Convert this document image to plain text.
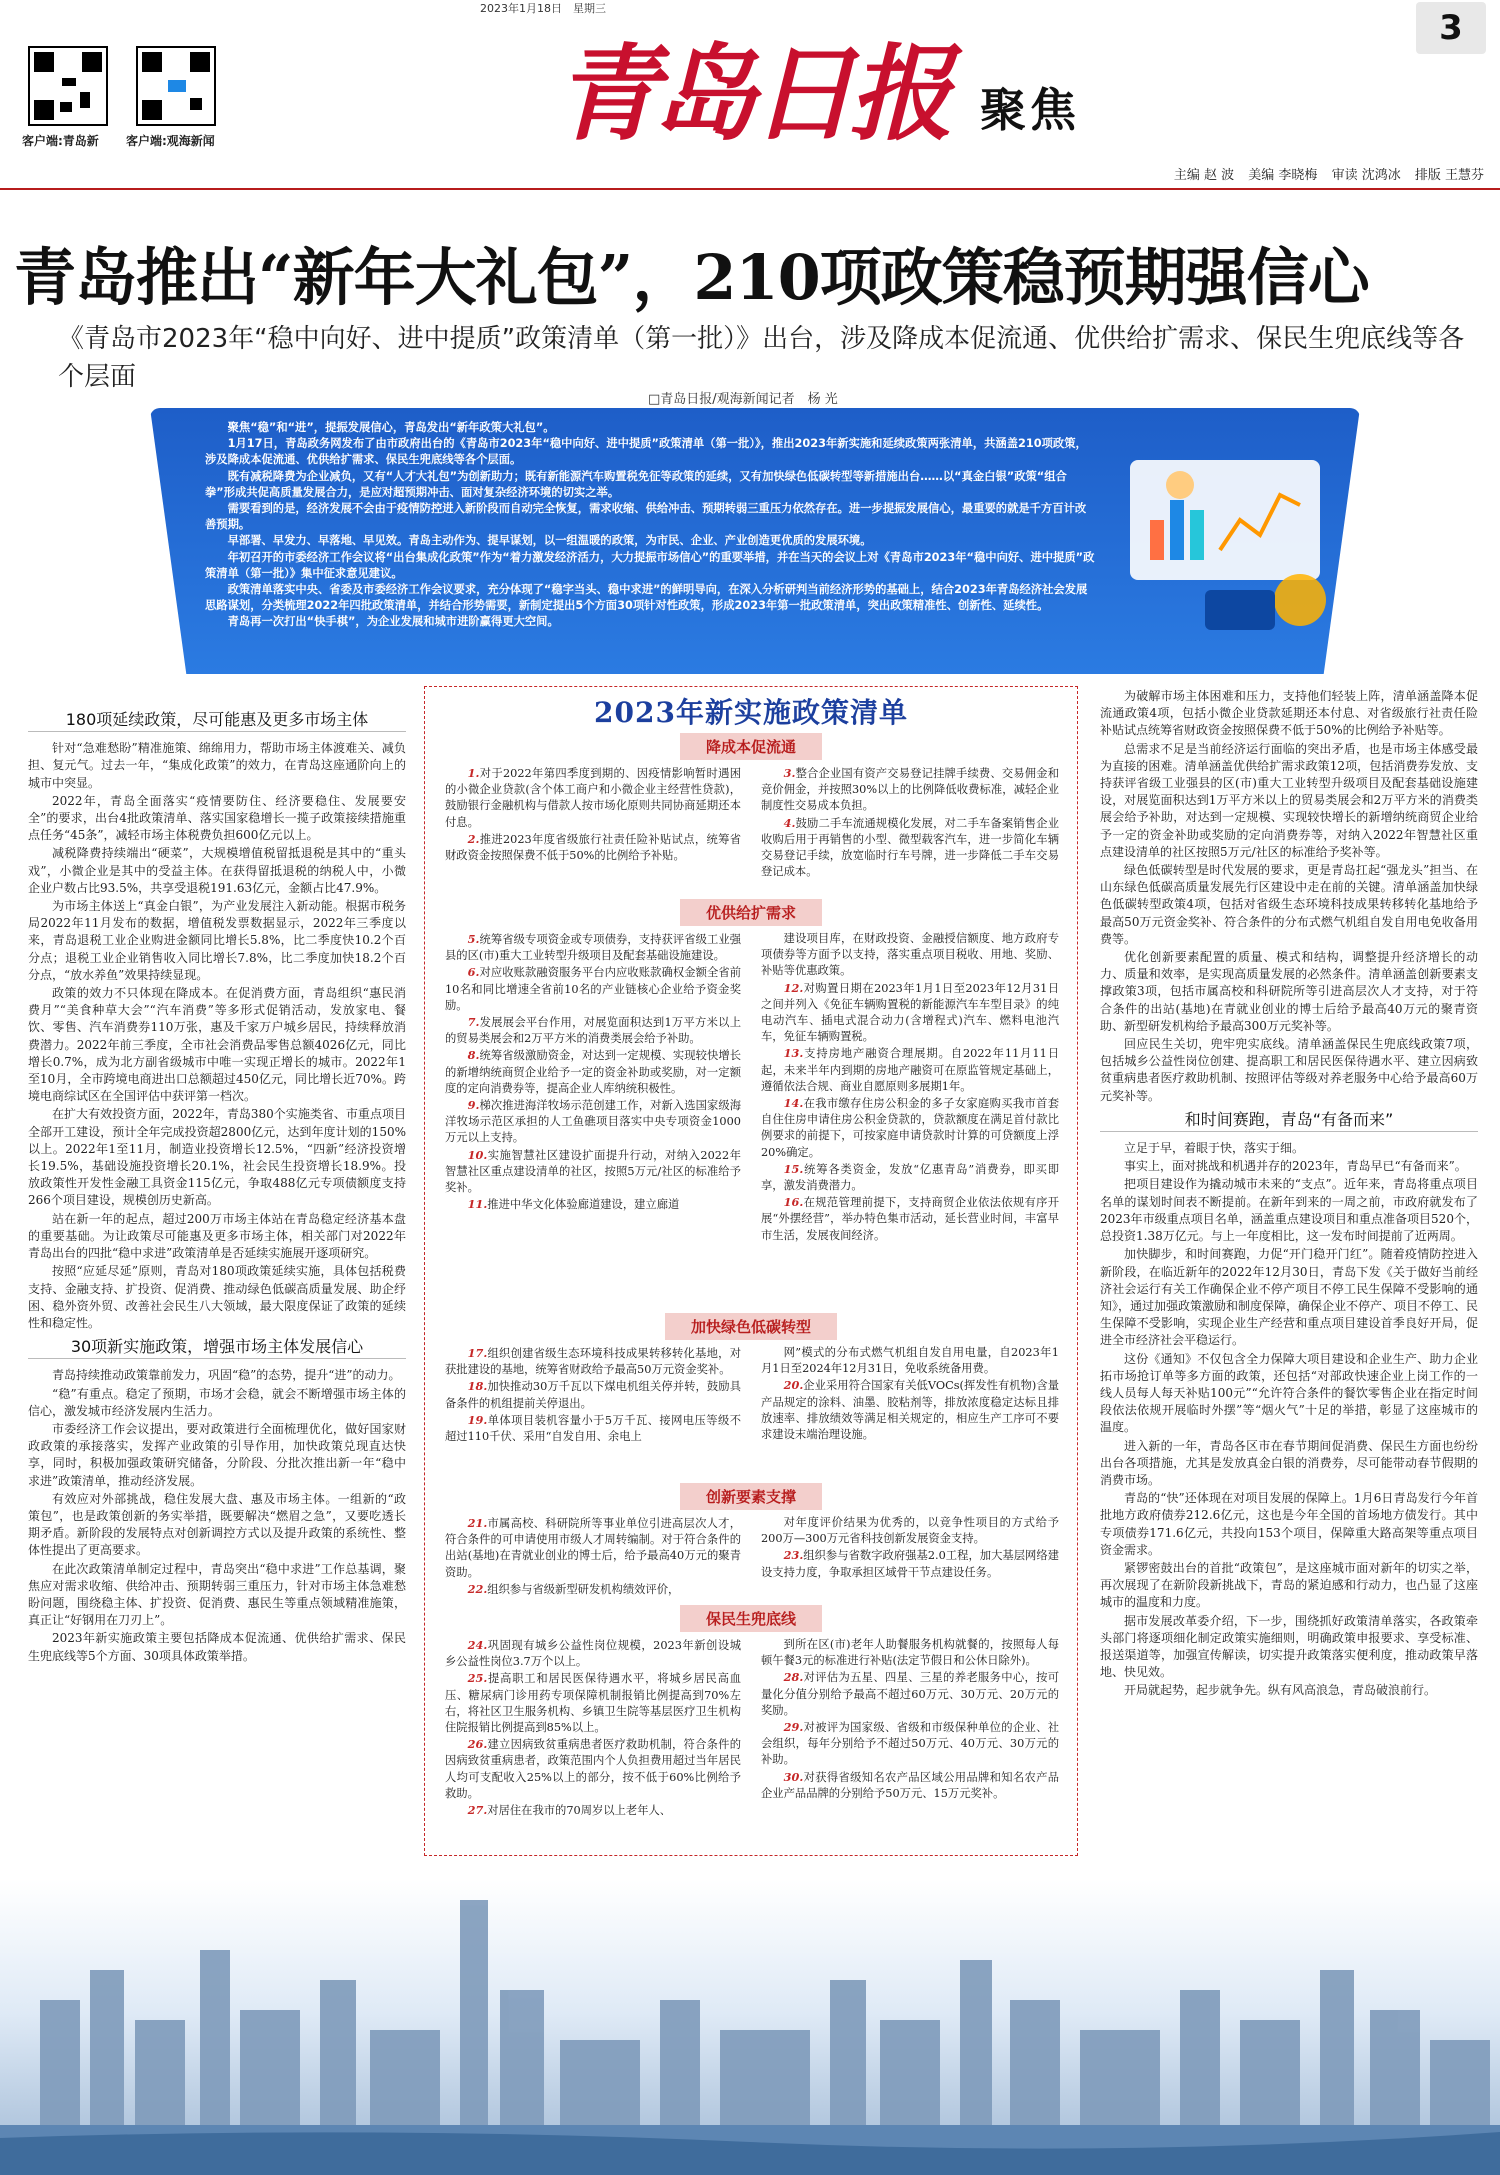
2023年1月18日　星期三	3
客户端:青岛新 客户端:观海新闻	青岛日报 聚焦
主编 赵 波 美编 李晓梅 审读 沈鸿冰 排版 王慧芬
青岛推出“新年大礼包”，210项政策稳预期强信心
《青岛市2023年“稳中向好、进中提质”政策清单（第一批）》出台，涉及降成本促流通、优供给扩需求、保民生兜底线等各个层面
□青岛日报/观海新闻记者　杨 光

聚焦“稳”和“进”，提振发展信心，青岛发出“新年政策大礼包”。

1月17日，青岛政务网发布了由市政府出台的《青岛市2023年“稳中向好、进中提质”政策清单（第一批）》，推出2023年新实施和延续政策两张清单，共涵盖210项政策，涉及降成本促流通、优供给扩需求、保民生兜底线等各个层面。

既有减税降费为企业减负，又有“人才大礼包”为创新助力；既有新能源汽车购置税免征等政策的延续，又有加快绿色低碳转型等新措施出台……以“真金白银”政策“组合拳”形成共促高质量发展合力，是应对超预期冲击、面对复杂经济环境的切实之举。

需要看到的是，经济发展不会由于疫情防控进入新阶段而自动完全恢复，需求收缩、供给冲击、预期转弱三重压力依然存在。进一步提振发展信心，最重要的就是千方百计改善预期。

早部署、早发力、早落地、早见效。青岛主动作为、提早谋划，以一组温暖的政策，为市民、企业、产业创造更优质的发展环境。

年初召开的市委经济工作会议将“出台集成化政策”作为“着力激发经济活力，大力提振市场信心”的重要举措，并在当天的会议上对《青岛市2023年“稳中向好、进中提质”政策清单（第一批）》集中征求意见建议。

政策清单落实中央、省委及市委经济工作会议要求，充分体现了“稳字当头、稳中求进”的鲜明导向，在深入分析研判当前经济形势的基础上，结合2023年青岛经济社会发展思路谋划，分类梳理2022年四批政策清单，并结合形势需要，新制定提出5个方面30项针对性政策，形成2023年第一批政策清单，突出政策精准性、创新性、延续性。

青岛再一次打出“快手棋”，为企业发展和城市进阶赢得更大空间。

180项延续政策，尽可能惠及更多市场主体

针对“急难愁盼”精准施策、绵绵用力，帮助市场主体渡难关、减负担、复元气。过去一年，“集成化政策”的效力，在青岛这座通阶向上的城市中突显。

2022年，青岛全面落实“疫情要防住、经济要稳住、发展要安全”的要求，出台4批政策清单、落实国家稳增长一揽子政策接续措施重点任务“45条”，减轻市场主体税费负担600亿元以上。

减税降费持续端出“硬菜”，大规模增值税留抵退税是其中的“重头戏”，小微企业是其中的受益主体。在获得留抵退税的纳税人中，小微企业户数占比93.5%，共享受退税191.63亿元，金额占比47.9%。

为市场主体送上“真金白银”，为产业发展注入新动能。根据市税务局2022年11月发布的数据，增值税发票数据显示，2022年三季度以来，青岛退税工业企业购进金额同比增长5.8%，比二季度快10.2个百分点；退税工业企业销售收入同比增长7.8%，比二季度加快18.2个百分点，“放水养鱼”效果持续显现。

政策的效力不只体现在降成本。在促消费方面，青岛组织“惠民消费月”“美食种草大会”“汽车消费”等多形式促销活动，发放家电、餐饮、零售、汽车消费券110万张，惠及千家万户城乡居民，持续释放消费潜力。2022年前三季度，全市社会消费品零售总额4026亿元，同比增长0.7%，成为北方副省级城市中唯一实现正增长的城市。2022年1至10月，全市跨境电商进出口总额超过450亿元，同比增长近70%。跨境电商综试区在全国评估中获评第一档次。

在扩大有效投资方面，2022年，青岛380个实施类省、市重点项目全部开工建设，预计全年完成投资超2800亿元，达到年度计划的150%以上。2022年1至11月，制造业投资增长12.5%，“四新”经济投资增长19.5%，基础设施投资增长20.1%，社会民生投资增长18.9%。投放政策性开发性金融工具资金115亿元，争取488亿元专项债额度支持266个项目建设，规模创历史新高。

站在新一年的起点，超过200万市场主体站在青岛稳定经济基本盘的重要基础。为让政策尽可能惠及更多市场主体，相关部门对2022年青岛出台的四批“稳中求进”政策清单是否延续实施展开逐项研究。

按照“应延尽延”原则，青岛对180项政策延续实施，具体包括税费支持、金融支持、扩投资、促消费、推动绿色低碳高质量发展、助企纾困、稳外资外贸、改善社会民生八大领域，最大限度保证了政策的延续性和稳定性。

30项新实施政策，增强市场主体发展信心

青岛持续推动政策靠前发力，巩固“稳”的态势，提升“进”的动力。

“稳”有重点。稳定了预期，市场才会稳，就会不断增强市场主体的信心，激发城市经济发展内生活力。

市委经济工作会议提出，要对政策进行全面梳理优化，做好国家财政政策的承接落实，发挥产业政策的引导作用，加快政策兑现直达快享，同时，积极加强政策研究储备，分阶段、分批次推出新一年“稳中求进”政策清单，推动经济发展。

有效应对外部挑战，稳住发展大盘、惠及市场主体。一组新的“政策包”，也是政策创新的务实举措，既要解决“燃眉之急”，又要吃透长期矛盾。新阶段的发展特点对创新调控方式以及提升政策的系统性、整体性提出了更高要求。

在此次政策清单制定过程中，青岛突出“稳中求进”工作总基调，聚焦应对需求收缩、供给冲击、预期转弱三重压力，针对市场主体急难愁盼问题，围绕稳主体、扩投资、促消费、惠民生等重点领域精准施策，真正让“好钢用在刀刃上”。

2023年新实施政策主要包括降成本促流通、优供给扩需求、保民生兜底线等5个方面、30项具体政策举措。

2023年新实施政策清单
降成本促流通

1.对于2022年第四季度到期的、因疫情影响暂时遇困的小微企业贷款(含个体工商户和小微企业主经营性贷款)，鼓励银行金融机构与借款人按市场化原则共同协商延期还本付息。

2.推进2023年度省级旅行社责任险补贴试点，统筹省财政资金按照保费不低于50%的比例给予补贴。

3.整合企业国有资产交易登记挂牌手续费、交易佣金和竞价佣金，并按照30%以上的比例降低收费标准，减轻企业制度性交易成本负担。

4.鼓励二手车流通规模化发展，对二手车备案销售企业收购后用于再销售的小型、微型载客汽车，进一步简化车辆交易登记手续，放宽临时行车号牌，进一步降低二手车交易登记成本。

优供给扩需求

5.统筹省级专项资金或专项债券，支持获评省级工业强县的区(市)重大工业转型升级项目及配套基础设施建设。

6.对应收账款融资服务平台内应收账款确权金额全省前10名和同比增速全省前10名的产业链核心企业给予资金奖励。

7.发展展会平台作用，对展览面积达到1万平方米以上的贸易类展会和2万平方米的消费类展会给予补助。

8.统筹省级激励资金，对达到一定规模、实现较快增长的新增纳统商贸企业给予一定的资金补助或奖励，对一定额度的定向消费券等，提高企业人库纳统积极性。

9.梯次推进海洋牧场示范创建工作，对新入选国家级海洋牧场示范区承担的人工鱼礁项目落实中央专项资金1000万元以上支持。

10.实施智慧社区建设扩面提升行动，对纳入2022年智慧社区重点建设清单的社区，按照5万元/社区的标准给予奖补。

11.推进中华文化体验廊道建设，建立廊道

建设项目库，在财政投资、金融授信额度、地方政府专项债券等方面予以支持，落实重点项目税收、用地、奖励、补贴等优惠政策。

12.对购置日期在2023年1月1日至2023年12月31日之间并列入《免征车辆购置税的新能源汽车车型目录》的纯电动汽车、插电式混合动力(含增程式)汽车、燃料电池汽车，免征车辆购置税。

13.支持房地产融资合理展期。自2022年11月11日起，未来半年内到期的房地产融资可在原监管规定基础上，遵循依法合规、商业自愿原则多展期1年。

14.在我市缴存住房公积金的多子女家庭购买我市首套自住住房申请住房公积金贷款的，贷款额度在满足首付款比例要求的前提下，可按家庭申请贷款时计算的可贷额度上浮20%确定。

15.统筹各类资金，发放“亿惠青岛”消费券，即买即享，激发消费潜力。

16.在规范管理前提下，支持商贸企业依法依规有序开展“外摆经营”，举办特色集市活动，延长营业时间，丰富早市生活，发展夜间经济。

加快绿色低碳转型

17.组织创建省级生态环境科技成果转移转化基地，对获批建设的基地，统筹省财政给予最高50万元资金奖补。

18.加快推动30万千瓦以下煤电机组关停并转，鼓励具备条件的机组提前关停退出。

19.单体项目装机容量小于5万千瓦、接网电压等级不超过110千伏、采用“自发自用、余电上

网”模式的分布式燃气机组自发自用电量，自2023年1月1日至2024年12月31日，免收系统备用费。

20.企业采用符合国家有关低VOCs(挥发性有机物)含量产品规定的涂料、油墨、胶粘剂等，排放浓度稳定达标且排放速率、排放绩效等满足相关规定的，相应生产工序可不要求建设末端治理设施。

创新要素支撑

21.市属高校、科研院所等事业单位引进高层次人才，符合条件的可申请使用市级人才周转编制。对于符合条件的出站(基地)在青就业创业的博士后，给予最高40万元的聚青资助。

22.组织参与省级新型研发机构绩效评价，

对年度评价结果为优秀的，以竞争性项目的方式给予200万—300万元省科技创新发展资金支持。

23.组织参与省数字政府强基2.0工程，加大基层网络建设支持力度，争取承担区域骨干节点建设任务。

保民生兜底线

24.巩固现有城乡公益性岗位规模，2023年新创设城乡公益性岗位3.7万个以上。

25.提高职工和居民医保待遇水平，将城乡居民高血压、糖尿病门诊用药专项保障机制报销比例提高到70%左右，将社区卫生服务机构、乡镇卫生院等基层医疗卫生机构住院报销比例提高到85%以上。

26.建立因病致贫重病患者医疗救助机制，符合条件的因病致贫重病患者，政策范围内个人负担费用超过当年居民人均可支配收入25%以上的部分，按不低于60%比例给予救助。

27.对居住在我市的70周岁以上老年人、

到所在区(市)老年人助餐服务机构就餐的，按照每人每顿午餐3元的标准进行补贴(法定节假日和公休日除外)。

28.对评估为五星、四星、三星的养老服务中心，按可量化分值分别给予最高不超过60万元、30万元、20万元的奖励。

29.对被评为国家级、省级和市级保种单位的企业、社会组织，每年分别给予不超过50万元、40万元、30万元的补助。

30.对获得省级知名农产品区域公用品牌和知名农产品企业产品品牌的分别给予50万元、15万元奖补。

为破解市场主体困难和压力，支持他们轻装上阵，清单涵盖降本促流通政策4项，包括小微企业贷款延期还本付息、对省级旅行社责任险补贴试点统筹省财政资金按照保费不低于50%的比例给予补贴等。

总需求不足是当前经济运行面临的突出矛盾，也是市场主体感受最为直接的困难。清单涵盖优供给扩需求政策12项，包括消费券发放、支持获评省级工业强县的区(市)重大工业转型升级项目及配套基础设施建设，对展览面积达到1万平方米以上的贸易类展会和2万平方米的消费类展会给予补助，对达到一定规模、实现较快增长的新增纳统商贸企业给予一定的资金补助或奖励的定向消费券等，对纳入2022年智慧社区重点建设清单的社区按照5万元/社区的标准给予奖补等。

绿色低碳转型是时代发展的要求，更是青岛扛起“强龙头”担当、在山东绿色低碳高质量发展先行区建设中走在前的关键。清单涵盖加快绿色低碳转型政策4项，包括对省级生态环境科技成果转移转化基地给予最高50万元资金奖补、符合条件的分布式燃气机组自发自用电免收备用费等。

优化创新要素配置的质量、模式和结构，调整提升经济增长的动力、质量和效率，是实现高质量发展的必然条件。清单涵盖创新要素支撑政策3项，包括市属高校和科研院所等引进高层次人才支持，对于符合条件的出站(基地)在青就业创业的博士后给予最高40万元的聚青资助、新型研发机构给予最高300万元奖补等。

回应民生关切，兜牢兜实底线。清单涵盖保民生兜底线政策7项，包括城乡公益性岗位创建、提高职工和居民医保待遇水平、建立因病致贫重病患者医疗救助机制、按照评估等级对养老服务中心给予最高60万元奖补等。

和时间赛跑，青岛“有备而来”

立足于早，着眼于快，落实于细。

事实上，面对挑战和机遇并存的2023年，青岛早已“有备而来”。

把项目建设作为撬动城市未来的“支点”。近年来，青岛将重点项目名单的谋划时间表不断提前。在新年到来的一周之前，市政府就发布了2023年市级重点项目名单，涵盖重点建设项目和重点准备项目520个，总投资1.38万亿元。与上一年度相比，这一发布时间提前了近两周。

加快脚步，和时间赛跑，力促“开门稳开门红”。随着疫情防控进入新阶段，在临近新年的2022年12月30日，青岛下发《关于做好当前经济社会运行有关工作确保企业不停产项目不停工民生保障不受影响的通知》，通过加强政策激励和制度保障，确保企业不停产、项目不停工、民生保障不受影响，实现企业生产经营和重点项目建设首季良好开局，促进全市经济社会平稳运行。

这份《通知》不仅包含全力保障大项目建设和企业生产、助力企业拓市场抢订单等多方面的政策，还包括“对部政快速企业上岗工作的一线人员每人每天补贴100元”“允许符合条件的餐饮零售企业在指定时间段依法依规开展临时外摆”等“烟火气”十足的举措，彰显了这座城市的温度。

进入新的一年，青岛各区市在春节期间促消费、保民生方面也纷纷出台各项措施，尤其是发放真金白银的消费券，尽可能带动春节假期的消费市场。

青岛的“快”还体现在对项目发展的保障上。1月6日青岛发行今年首批地方政府债券212.6亿元，这也是今年全国的首场地方债发行。其中专项债券171.6亿元，共投向153个项目，保障重大路高架等重点项目资金需求。

紧锣密鼓出台的首批“政策包”，是这座城市面对新年的切实之举，再次展现了在新阶段新挑战下，青岛的紧迫感和行动力，也凸显了这座城市的温度和力度。

据市发展改革委介绍，下一步，围绕抓好政策清单落实，各政策牵头部门将逐项细化制定政策实施细则，明确政策申报要求、享受标准、报送渠道等，加强宣传解读，切实提升政策落实便利度，推动政策早落地、快见效。

开局就起势，起步就争先。纵有风高浪急，青岛破浪前行。
